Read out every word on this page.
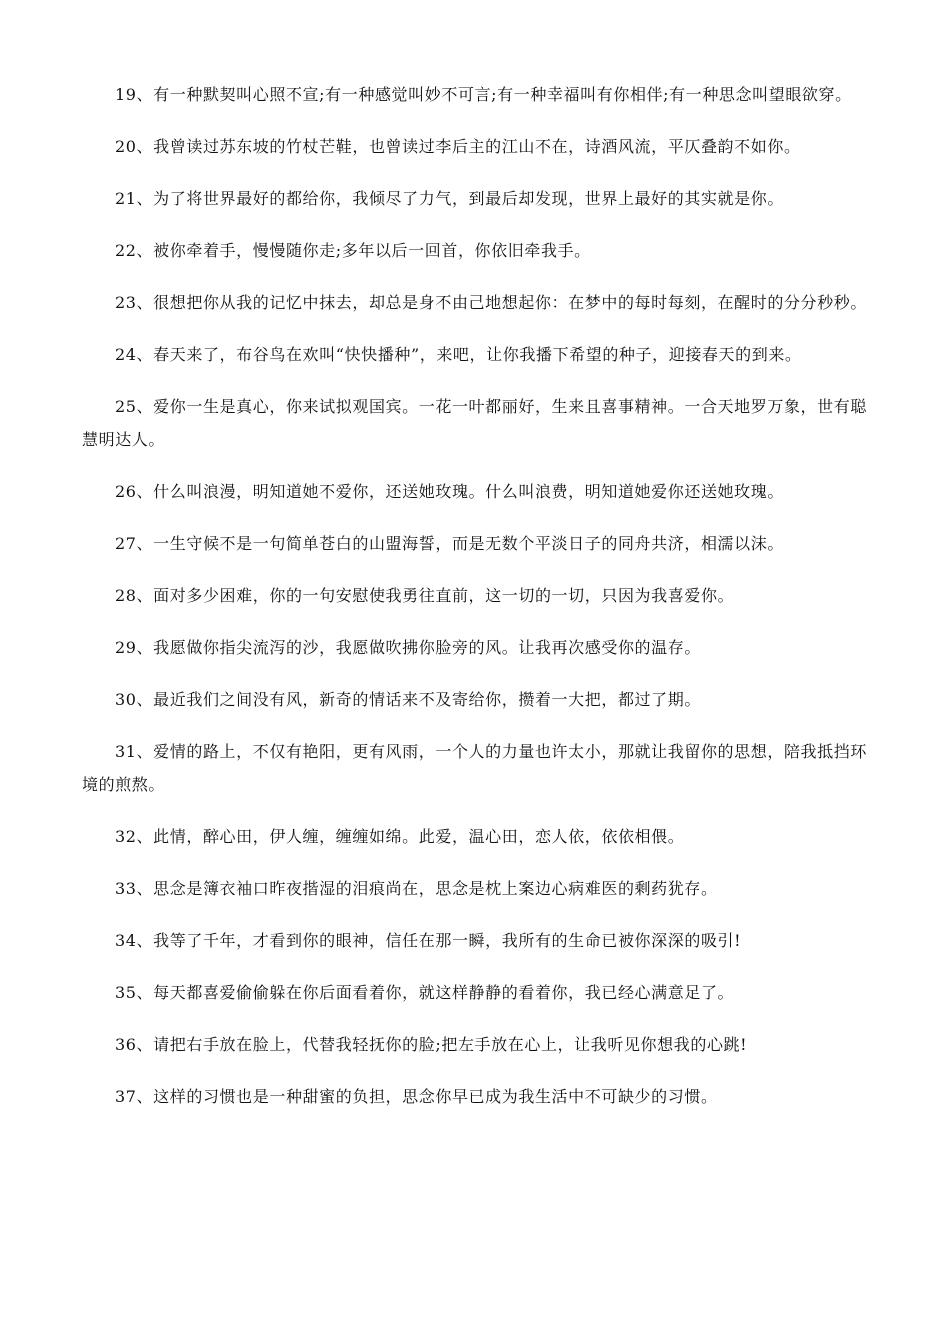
19、有一种默契叫心照不宣;有一种感觉叫妙不可言;有一种幸福叫有你相伴;有一种思念叫望眼欲穿。

20、我曾读过苏东坡的竹杖芒鞋，也曾读过李后主的江山不在，诗酒风流，平仄叠韵不如你。

21、为了将世界最好的都给你，我倾尽了力气，到最后却发现，世界上最好的其实就是你。

22、被你牵着手，慢慢随你走;多年以后一回首，你依旧牵我手。

23、很想把你从我的记忆中抹去，却总是身不由己地想起你：在梦中的每时每刻，在醒时的分分秒秒。

24、春天来了，布谷鸟在欢叫“快快播种”，来吧，让你我播下希望的种子，迎接春天的到来。

25、爱你一生是真心，你来试拟观国宾。一花一叶都丽好，生来且喜事精神。一合天地罗万象，世有聪慧明达人。

26、什么叫浪漫，明知道她不爱你，还送她玫瑰。什么叫浪费，明知道她爱你还送她玫瑰。

27、一生守候不是一句简单苍白的山盟海誓，而是无数个平淡日子的同舟共济，相濡以沫。

28、面对多少困难，你的一句安慰使我勇往直前，这一切的一切，只因为我喜爱你。

29、我愿做你指尖流泻的沙，我愿做吹拂你脸旁的风。让我再次感受你的温存。

30、最近我们之间没有风，新奇的情话来不及寄给你，攒着一大把，都过了期。

31、爱情的路上，不仅有艳阳，更有风雨，一个人的力量也许太小，那就让我留你的思想，陪我抵挡环境的煎熬。

32、此情，醉心田，伊人缠，缠缠如绵。此爱，温心田，恋人依，依依相偎。

33、思念是簿衣袖口昨夜揩湿的泪痕尚在，思念是枕上案边心病难医的剩药犹存。

34、我等了千年，才看到你的眼神，信任在那一瞬，我所有的生命已被你深深的吸引!

35、每天都喜爱偷偷躲在你后面看着你，就这样静静的看着你，我已经心满意足了。

36、请把右手放在脸上，代替我轻抚你的脸;把左手放在心上，让我听见你想我的心跳!

37、这样的习惯也是一种甜蜜的负担，思念你早已成为我生活中不可缺少的习惯。
